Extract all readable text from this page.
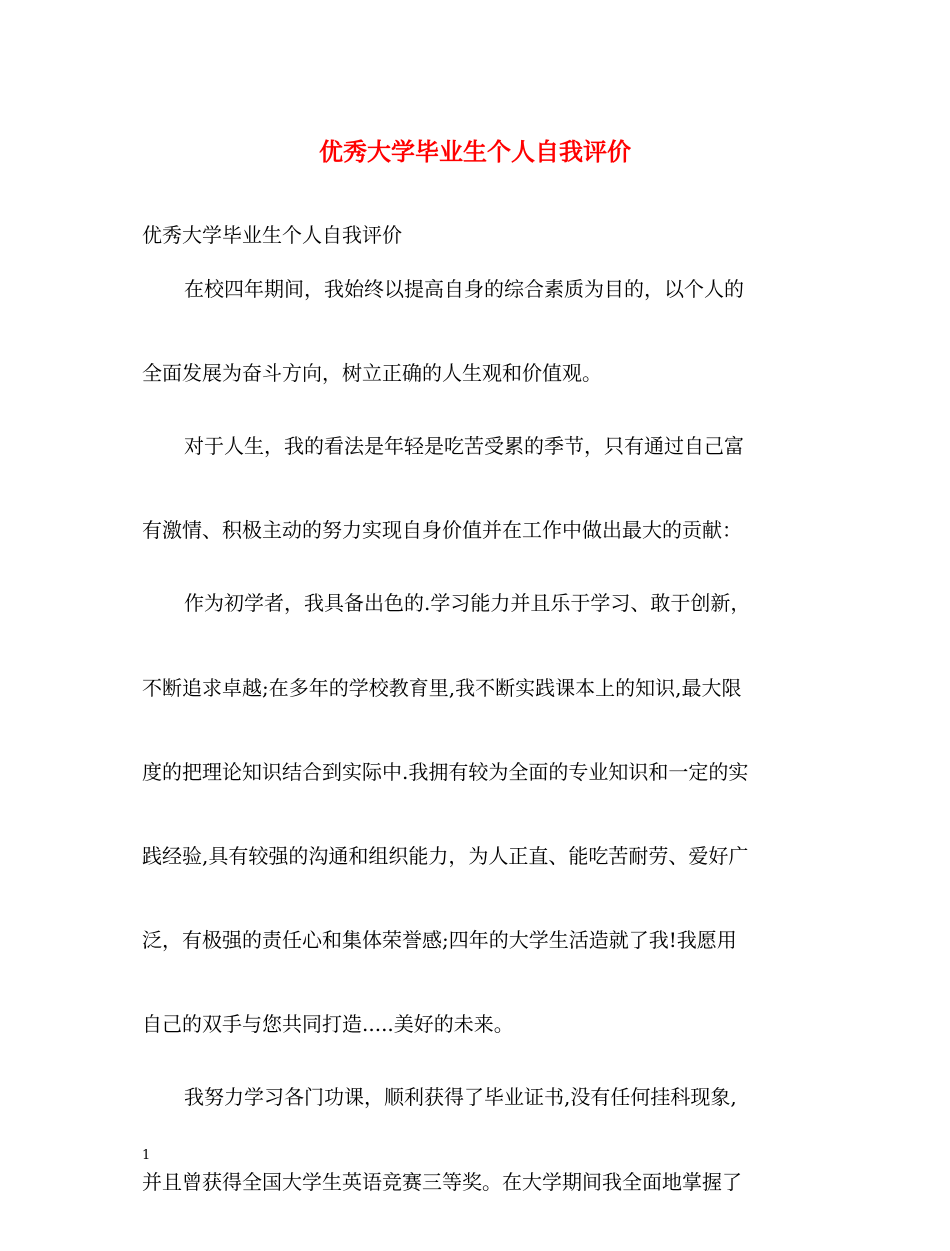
优秀大学毕业生个人自我评价

优秀大学毕业生个人自我评价

在校四年期间，我始终以提高自身的综合素质为目的，以个人的
全面发展为奋斗方向，树立正确的人生观和价值观。
对于人生，我的看法是年轻是吃苦受累的季节，只有通过自己富
有激情、积极主动的努力实现自身价值并在工作中做出最大的贡献：
作为初学者，我具备出色的.学习能力并且乐于学习、敢于创新，
不断追求卓越;在多年的学校教育里,我不断实践课本上的知识,最大限
度的把理论知识结合到实际中.我拥有较为全面的专业知识和一定的实
践经验,具有较强的沟通和组织能力，为人正直、能吃苦耐劳、爱好广
泛，有极强的责任心和集体荣誉感;四年的大学生活造就了我!我愿用
自己的双手与您共同打造.....美好的未来。
我努力学习各门功课，顺利获得了毕业证书,没有任何挂科现象,
并且曾获得全国大学生英语竞赛三等奖。在大学期间我全面地掌握了

1
